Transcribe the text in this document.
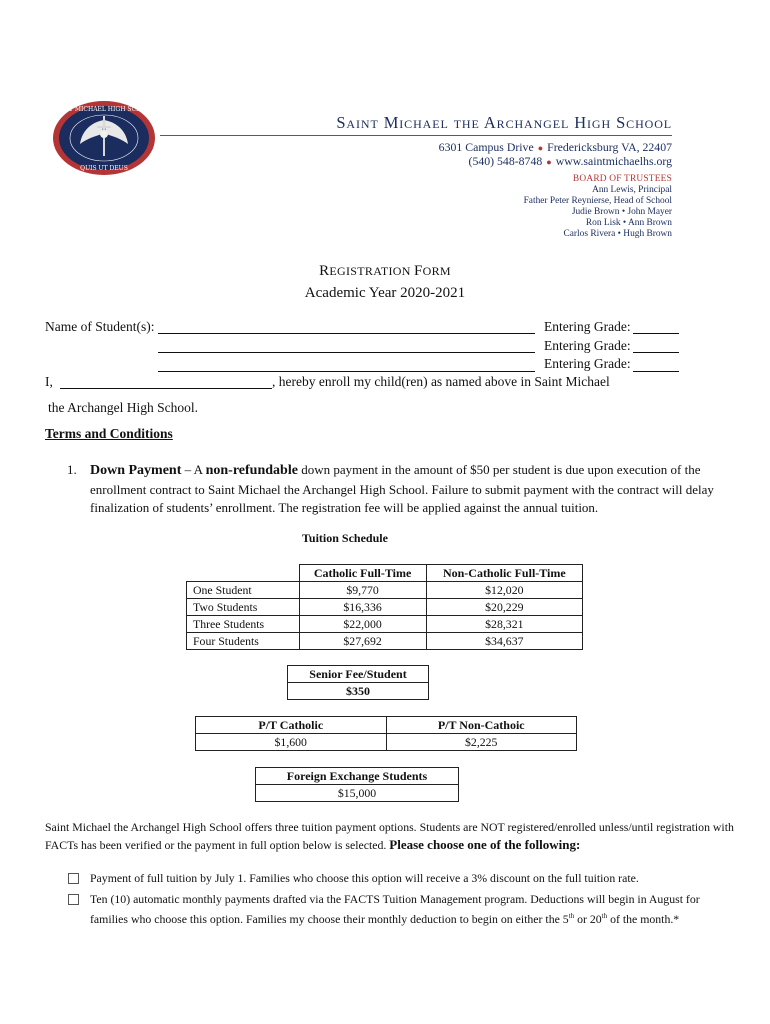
SAINT MICHAEL HIGH SCHOOL
QUIS UT DEUS
Saint Michael the Archangel High School
6301 Campus Drive ● Fredericksburg VA, 22407
(540) 548-8748 ● www.saintmichaelhs.org
BOARD OF TRUSTEES
Ann Lewis, Principal
Father Peter Reynierse, Head of School
Judie Brown • John Mayer
Ron Lisk • Ann Brown
Carlos Rivera • Hugh Brown
REGISTRATION FORM
Academic Year 2020-2021
Name of Student(s):	Entering Grade:
Entering Grade:
Entering Grade:
I,	, hereby enroll my child(ren) as named above in Saint Michael
the Archangel High School.
Terms and Conditions
1. Down Payment – A non-refundable down payment in the amount of $50 per student is due upon execution of the enrollment contract to Saint Michael the Archangel High School. Failure to submit payment with the contract will delay finalization of students’ enrollment. The registration fee will be applied against the annual tuition.
Tuition Schedule
	Catholic Full-Time	Non-Catholic Full-Time
One Student	$9,770	$12,020
Two Students	$16,336	$20,229
Three Students	$22,000	$28,321
Four Students	$27,692	$34,637
Senior Fee/Student
$350
P/T Catholic	P/T Non-Cathoic
$1,600	$2,225
Foreign Exchange Students
$15,000
Saint Michael the Archangel High School offers three tuition payment options. Students are NOT registered/enrolled unless/until registration with FACTs has been verified or the payment in full option below is selected. Please choose one of the following:
Payment of full tuition by July 1. Families who choose this option will receive a 3% discount on the full tuition rate.
Ten (10) automatic monthly payments drafted via the FACTS Tuition Management program. Deductions will begin in August for families who choose this option. Families my choose their monthly deduction to begin on either the 5th or 20th of the month.*
